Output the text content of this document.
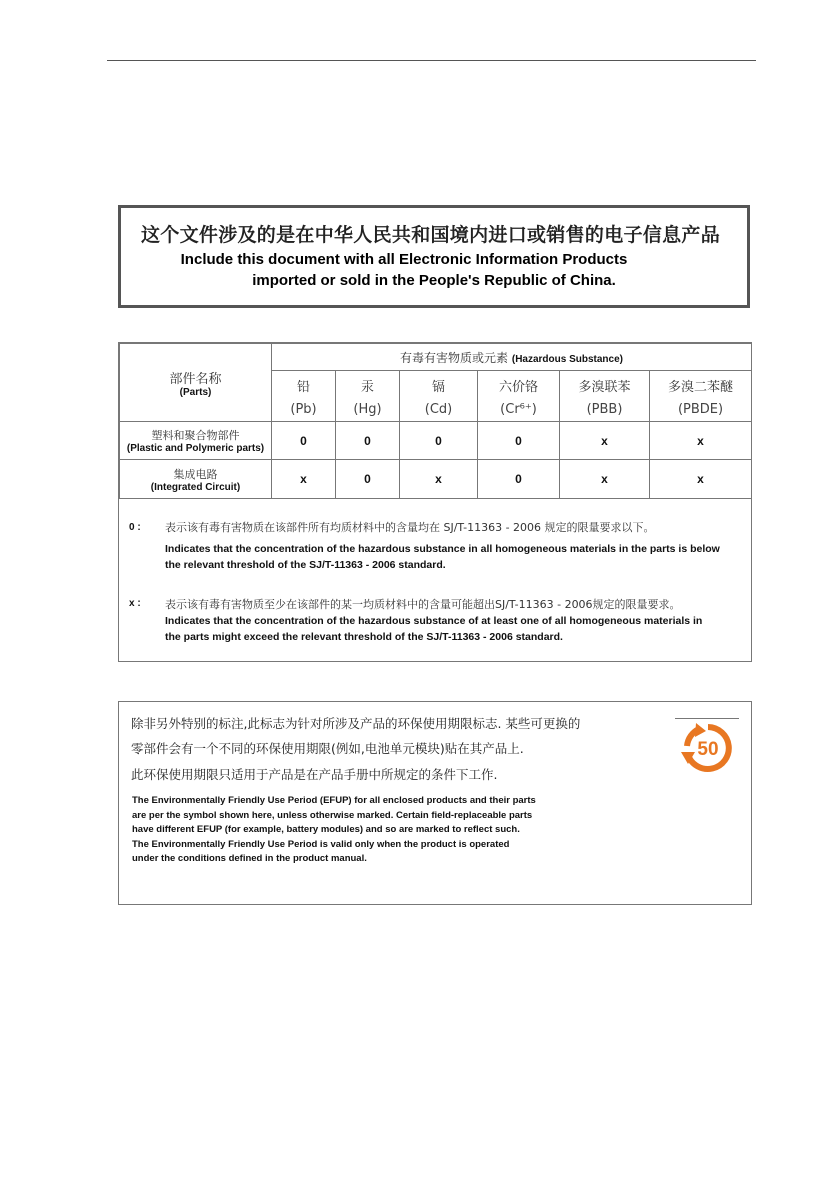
这个文件涉及的是在中华人民共和国境内进口或销售的电子信息产品
Include this document with all Electronic Information Products
imported or sold in the People's Republic of China.
部件名称
(Parts)	有毒有害物质或元素 (Hazardous Substance)					

	铅
(Pb)	汞
(Hg)	镉
(Cd)	六价铬
(Cr⁶⁺)	多溴联苯
(PBB)	多溴二苯醚
(PBDE)

塑料和聚合物部件
(Plastic and Polymeric parts)	0	0	0	0	x	x

集成电路
(Integrated Circuit)	x	0	x	0	x	x
0 : 表示该有毒有害物质在该部件所有均质材料中的含量均在 SJ/T-11363 - 2006 规定的限量要求以下。
Indicates that the concentration of the hazardous substance in all homogeneous materials in the parts is below the relevant threshold of the SJ/T-11363 - 2006 standard.
x : 表示该有毒有害物质至少在该部件的某一均质材料中的含量可能超出SJ/T-11363 - 2006规定的限量要求。
Indicates that the concentration of the hazardous substance of at least one of all homogeneous materials in the parts might exceed the relevant threshold of the SJ/T-11363 - 2006 standard.
除非另外特别的标注,此标志为针对所涉及产品的环保使用期限标志. 某些可更换的
零部件会有一个不同的环保使用期限(例如,电池单元模块)贴在其产品上.
此环保使用期限只适用于产品是在产品手册中所规定的条件下工作.
The Environmentally Friendly Use Period (EFUP) for all enclosed products and their parts
are per the symbol shown here, unless otherwise marked. Certain field-replaceable parts
have different EFUP (for example, battery modules) and so are marked to reflect such.
The Environmentally Friendly Use Period is valid only when the product is operated
under the conditions defined in the product manual.
50
